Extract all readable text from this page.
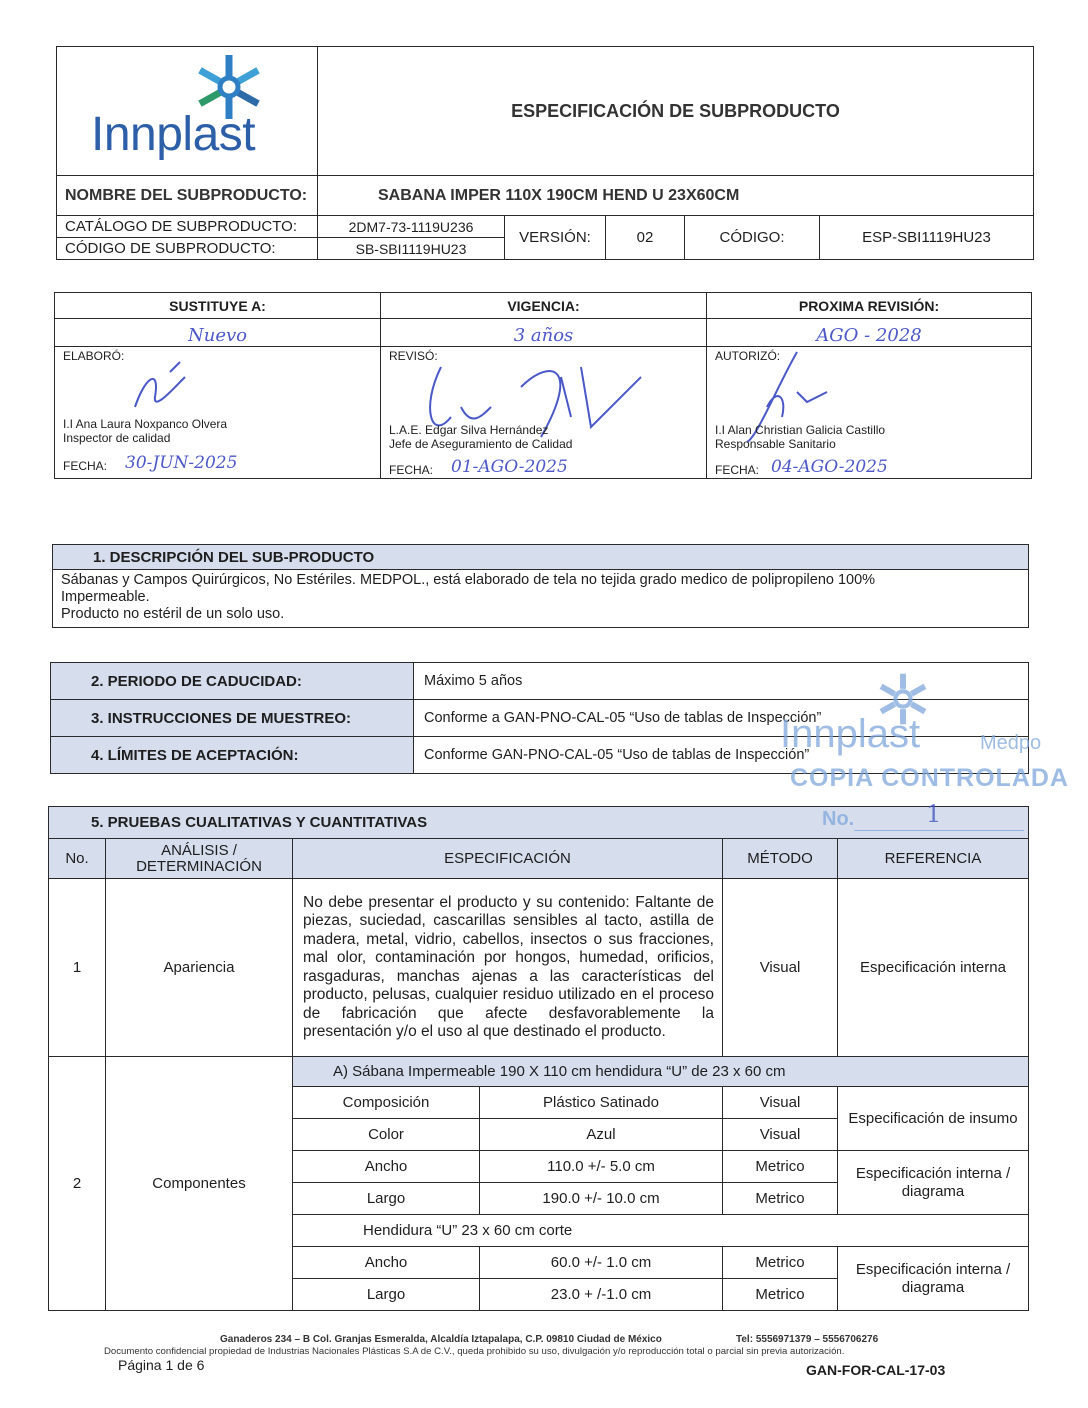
Innplast	ESPECIFICACIÓN DE SUBPRODUCTO				
NOMBRE DEL SUBPRODUCTO:	SABANA IMPER 110X 190CM HEND U 23X60CM				
CATÁLOGO DE SUBPRODUCTO:	2DM7-73-1119U236	VERSIÓN:	02	CÓDIGO:	ESP-SBI1119HU23
CÓDIGO DE SUBPRODUCTO:	SB-SBI1119HU23				
SUSTITUYE A:	VIGENCIA:	PROXIMA REVISIÓN:
Nuevo	3 años	AGO - 2028

ELABORÓ:
I.I Ana Laura Noxpanco Olvera
Inspector de calidad
FECHA: 30-JUN-2025

REVISÓ:
L.A.E. Edgar Silva Hernández
Jefe de Aseguramiento de Calidad
FECHA: 01-AGO-2025

AUTORIZÓ:
I.I Alan Christian Galicia Castillo
Responsable Sanitario
FECHA: 04-AGO-2025
1. DESCRIPCIÓN DEL SUB-PRODUCTO

Sábanas y Campos Quirúrgicos, No Estériles. MEDPOL., está elaborado de tela no tejida grado medico de polipropileno 100%
Impermeable.
Producto no estéril de un solo uso.
2. PERIODO DE CADUCIDAD:	Máximo 5 años
3. INSTRUCCIONES DE MUESTREO:	Conforme a GAN-PNO-CAL-05 “Uso de tablas de Inspección”
4. LÍMITES DE ACEPTACIÓN:	Conforme GAN-PNO-CAL-05 “Uso de tablas de Inspección”
5. PRUEBAS CUALITATIVAS Y CUANTITATIVAS					
No.	ANÁLISIS / DETERMINACIÓN	ESPECIFICACIÓN		MÉTODO	REFERENCIA
1	Apariencia	No debe presentar el producto y su contenido: Faltante de piezas, suciedad, cascarillas sensibles al tacto, astilla de madera, metal, vidrio, cabellos, insectos o sus fracciones, mal olor, contaminación por hongos, humedad, orificios, rasgaduras, manchas ajenas a las características del producto, pelusas, cualquier residuo utilizado en el proceso de fabricación que afecte desfavorablemente la presentación y/o el uso al que destinado el producto.		Visual	Especificación interna
2	Componentes	A) Sábana Impermeable 190 X 110 cm hendidura “U” de 23 x 60 cm			
		Composición	Plástico Satinado	Visual	Especificación de insumo
		Color	Azul	Visual	
		Ancho	110.0 +/- 5.0 cm	Metrico	Especificación interna / diagrama
		Largo	190.0 +/- 10.0 cm	Metrico	
		Hendidura “U” 23 x 60 cm corte			
		Ancho	60.0 +/- 1.0 cm	Metrico	Especificación interna / diagrama
		Largo	23.0 + /-1.0 cm	Metrico	
Innplast	Medpo
COPIA CONTROLADA
No.	1
Ganaderos 234 – B Col. Granjas Esmeralda, Alcaldía Iztapalapa, C.P. 09810 Ciudad de México	Tel: 5556971379 – 5556706276
Documento confidencial propiedad de Industrias Nacionales Plásticas S.A de C.V., queda prohibido su uso, divulgación y/o reproducción total o parcial sin previa autorización.
Página 1 de 6	GAN-FOR-CAL-17-03
